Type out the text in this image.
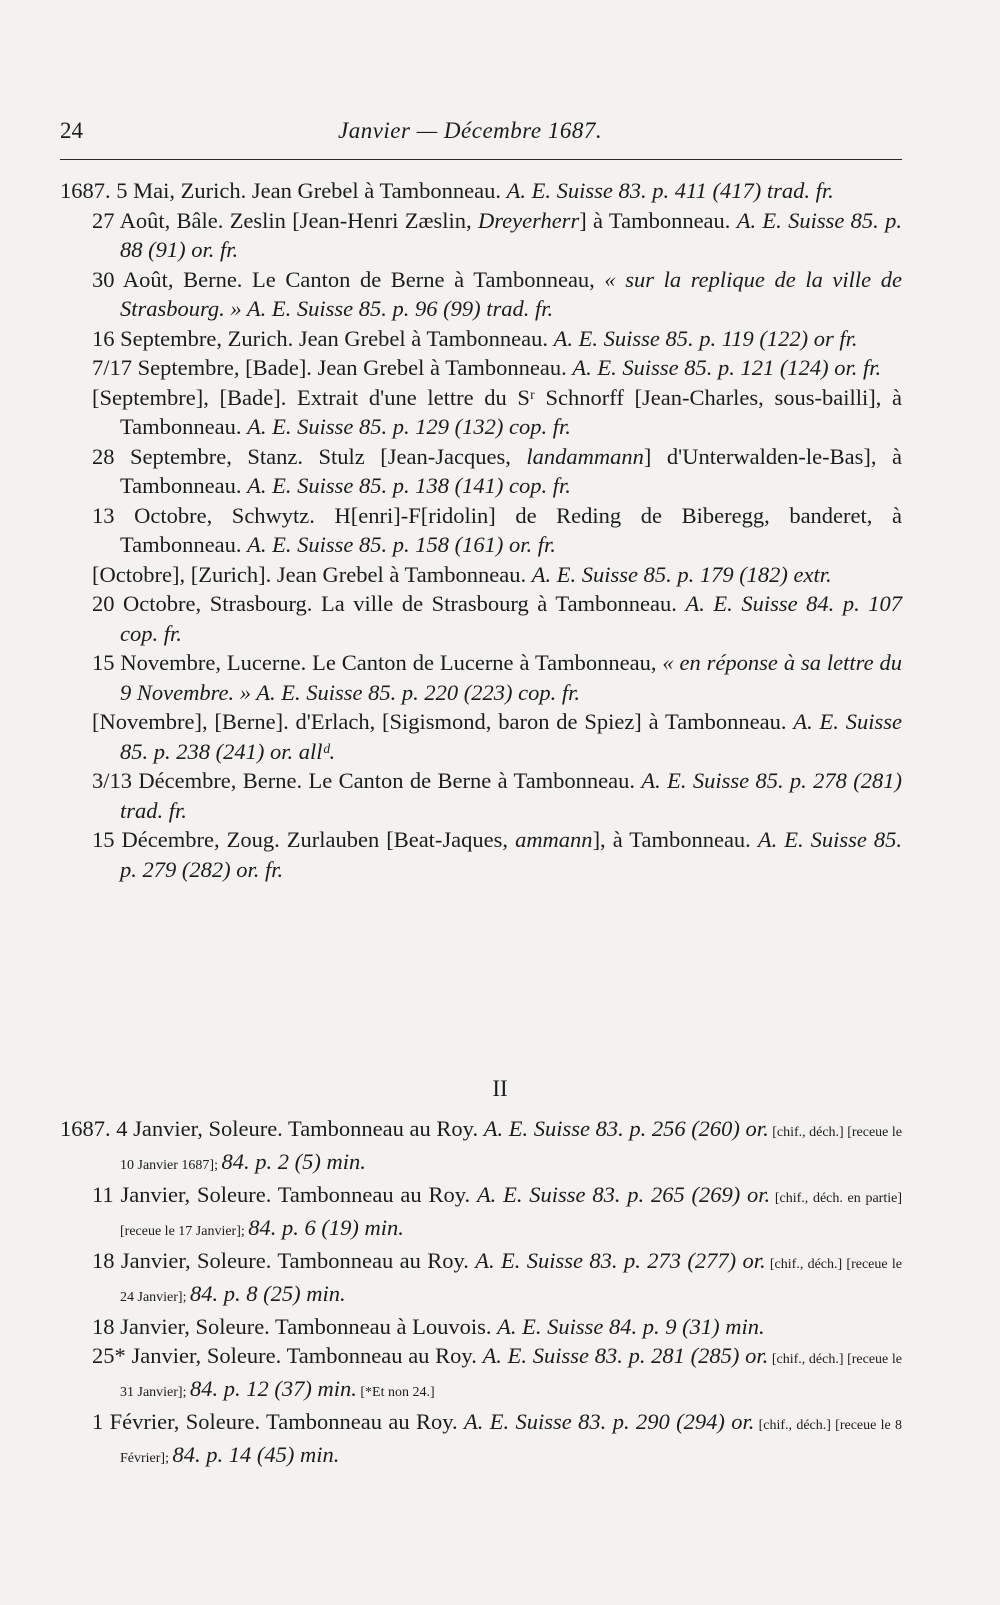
24	Janvier — Décembre 1687.

1687. 5 Mai, Zurich. Jean Grebel à Tambonneau. A. E. Suisse 83. p. 411 (417) trad. fr.

27 Août, Bâle. Zeslin [Jean-Henri Zæslin, Dreyerherr] à Tambonneau. A. E. Suisse 85. p. 88 (91) or. fr.

30 Août, Berne. Le Canton de Berne à Tambonneau, « sur la replique de la ville de Strasbourg. » A. E. Suisse 85. p. 96 (99) trad. fr.

16 Septembre, Zurich. Jean Grebel à Tambonneau. A. E. Suisse 85. p. 119 (122) or fr.

7/17 Septembre, [Bade]. Jean Grebel à Tambonneau. A. E. Suisse 85. p. 121 (124) or. fr.

[Septembre], [Bade]. Extrait d'une lettre du Sʳ Schnorff [Jean-Charles, sous-bailli], à Tambonneau. A. E. Suisse 85. p. 129 (132) cop. fr.

28 Septembre, Stanz. Stulz [Jean-Jacques, landammann] d'Unterwalden-le-Bas], à Tambonneau. A. E. Suisse 85. p. 138 (141) cop. fr.

13 Octobre, Schwytz. H[enri]-F[ridolin] de Reding de Biberegg, banderet, à Tambonneau. A. E. Suisse 85. p. 158 (161) or. fr.

[Octobre], [Zurich]. Jean Grebel à Tambonneau. A. E. Suisse 85. p. 179 (182) extr.

20 Octobre, Strasbourg. La ville de Strasbourg à Tambonneau. A. E. Suisse 84. p. 107 cop. fr.

15 Novembre, Lucerne. Le Canton de Lucerne à Tambonneau, « en réponse à sa lettre du 9 Novembre. » A. E. Suisse 85. p. 220 (223) cop. fr.

[Novembre], [Berne]. d'Erlach, [Sigismond, baron de Spiez] à Tambonneau. A. E. Suisse 85. p. 238 (241) or. allᵈ.

3/13 Décembre, Berne. Le Canton de Berne à Tambonneau. A. E. Suisse 85. p. 278 (281) trad. fr.

15 Décembre, Zoug. Zurlauben [Beat-Jaques, ammann], à Tambonneau. A. E. Suisse 85. p. 279 (282) or. fr.

II

1687. 4 Janvier, Soleure. Tambonneau au Roy. A. E. Suisse 83. p. 256 (260) or. [chif., déch.] [receue le 10 Janvier 1687]; 84. p. 2 (5) min.

11 Janvier, Soleure. Tambonneau au Roy. A. E. Suisse 83. p. 265 (269) or. [chif., déch. en partie] [receue le 17 Janvier]; 84. p. 6 (19) min.

18 Janvier, Soleure. Tambonneau au Roy. A. E. Suisse 83. p. 273 (277) or. [chif., déch.] [receue le 24 Janvier]; 84. p. 8 (25) min.

18 Janvier, Soleure. Tambonneau à Louvois. A. E. Suisse 84. p. 9 (31) min.

25* Janvier, Soleure. Tambonneau au Roy. A. E. Suisse 83. p. 281 (285) or. [chif., déch.] [receue le 31 Janvier]; 84. p. 12 (37) min. [*Et non 24.]

1 Février, Soleure. Tambonneau au Roy. A. E. Suisse 83. p. 290 (294) or. [chif., déch.] [receue le 8 Février]; 84. p. 14 (45) min.
